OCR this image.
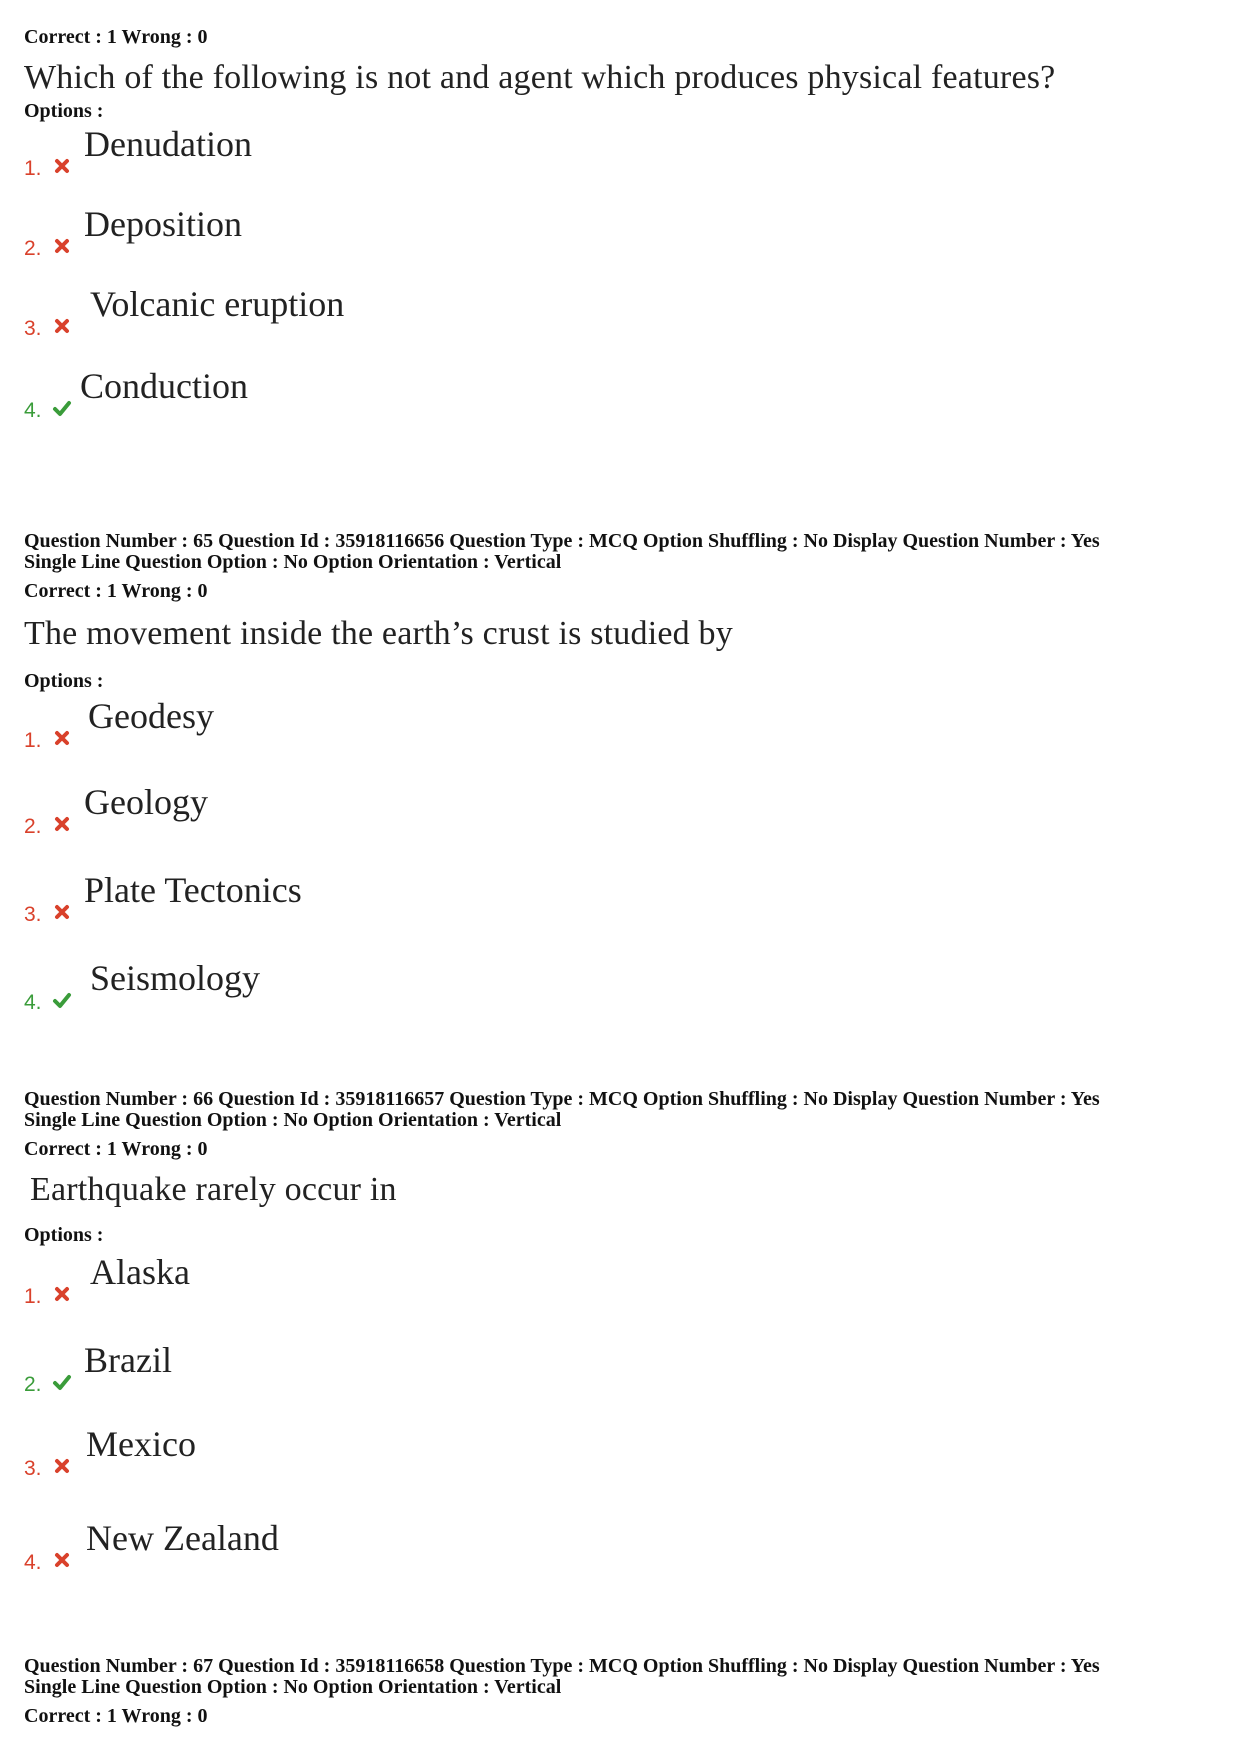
Correct : 1 Wrong : 0
Which of the following is not and agent which produces physical features?
Options :
1.
Denudation
2.
Deposition
3.
Volcanic eruption
4.
Conduction
Question Number : 65 Question Id : 35918116656 Question Type : MCQ Option Shuffling : No Display Question Number : Yes
Single Line Question Option : No Option Orientation : Vertical
Correct : 1 Wrong : 0
The movement inside the earth’s crust is studied by
Options :
1.
Geodesy
2.
Geology
3.
Plate Tectonics
4.
Seismology
Question Number : 66 Question Id : 35918116657 Question Type : MCQ Option Shuffling : No Display Question Number : Yes
Single Line Question Option : No Option Orientation : Vertical
Correct : 1 Wrong : 0
Earthquake rarely occur in
Options :
1.
Alaska
2.
Brazil
3.
Mexico
4.
New Zealand
Question Number : 67 Question Id : 35918116658 Question Type : MCQ Option Shuffling : No Display Question Number : Yes
Single Line Question Option : No Option Orientation : Vertical
Correct : 1 Wrong : 0
